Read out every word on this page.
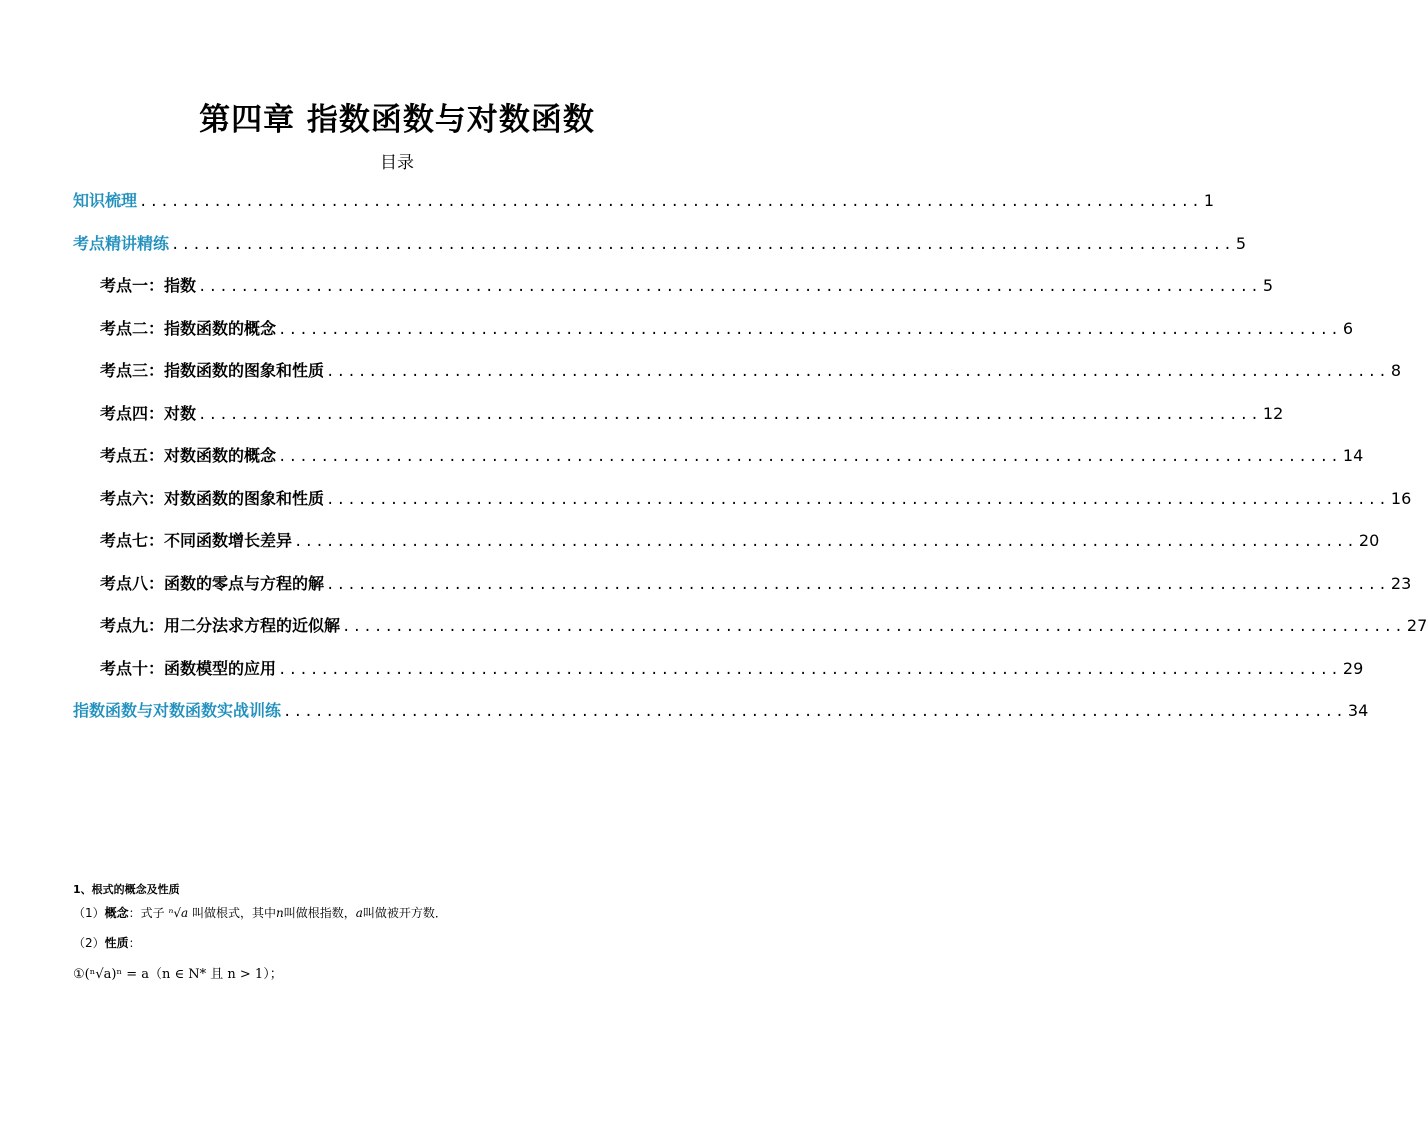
第四章 指数函数与对数函数
目录
知识梳理 .................................................................................................... 1
考点精讲精练 .................................................................................................... 5
考点一：指数 .................................................................................................... 5
考点二：指数函数的概念 .................................................................................................... 6
考点三：指数函数的图象和性质 .................................................................................................... 8
考点四：对数 .................................................................................................... 12
考点五：对数函数的概念 .................................................................................................... 14
考点六：对数函数的图象和性质 .................................................................................................... 16
考点七：不同函数增长差异 .................................................................................................... 20
考点八：函数的零点与方程的解 .................................................................................................... 23
考点九：用二分法求方程的近似解 .................................................................................................... 27
考点十：函数模型的应用 .................................................................................................... 29
指数函数与对数函数实战训练 .................................................................................................... 34
1、根式的概念及性质
（1）概念：式子 ⁿ√a 叫做根式，其中n叫做根指数，a叫做被开方数．
（2）性质：
①(ⁿ√a)ⁿ = a（n ∈ N* 且 n > 1）；
